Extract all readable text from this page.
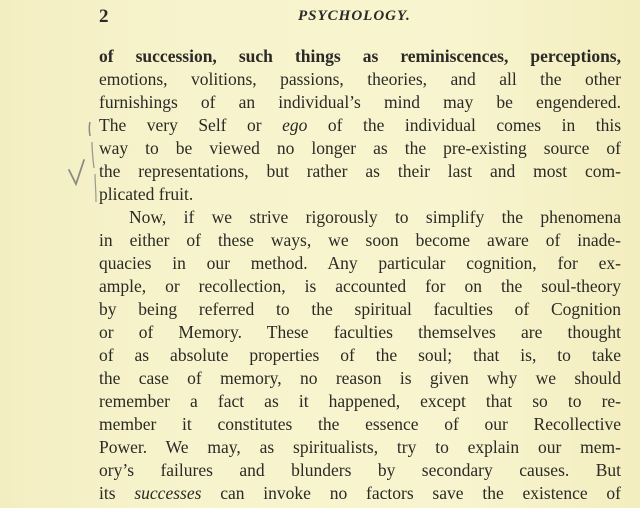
2	PSYCHOLOGY.
of succession, such things as reminiscences, perceptions,
emotions, volitions, passions, theories, and all the other
furnishings of an individual’s mind may be engendered.
The very Self or ego of the individual comes in this
way to be viewed no longer as the pre-existing source of
the representations, but rather as their last and most com-
plicated fruit.
Now, if we strive rigorously to simplify the phenomena
in either of these ways, we soon become aware of inade-
quacies in our method. Any particular cognition, for ex-
ample, or recollection, is accounted for on the soul-theory
by being referred to the spiritual faculties of Cognition
or of Memory. These faculties themselves are thought
of as absolute properties of the soul; that is, to take
the case of memory, no reason is given why we should
remember a fact as it happened, except that so to re-
member it constitutes the essence of our Recollective
Power. We may, as spiritualists, try to explain our mem-
ory’s failures and blunders by secondary causes. But
its successes can invoke no factors save the existence of
